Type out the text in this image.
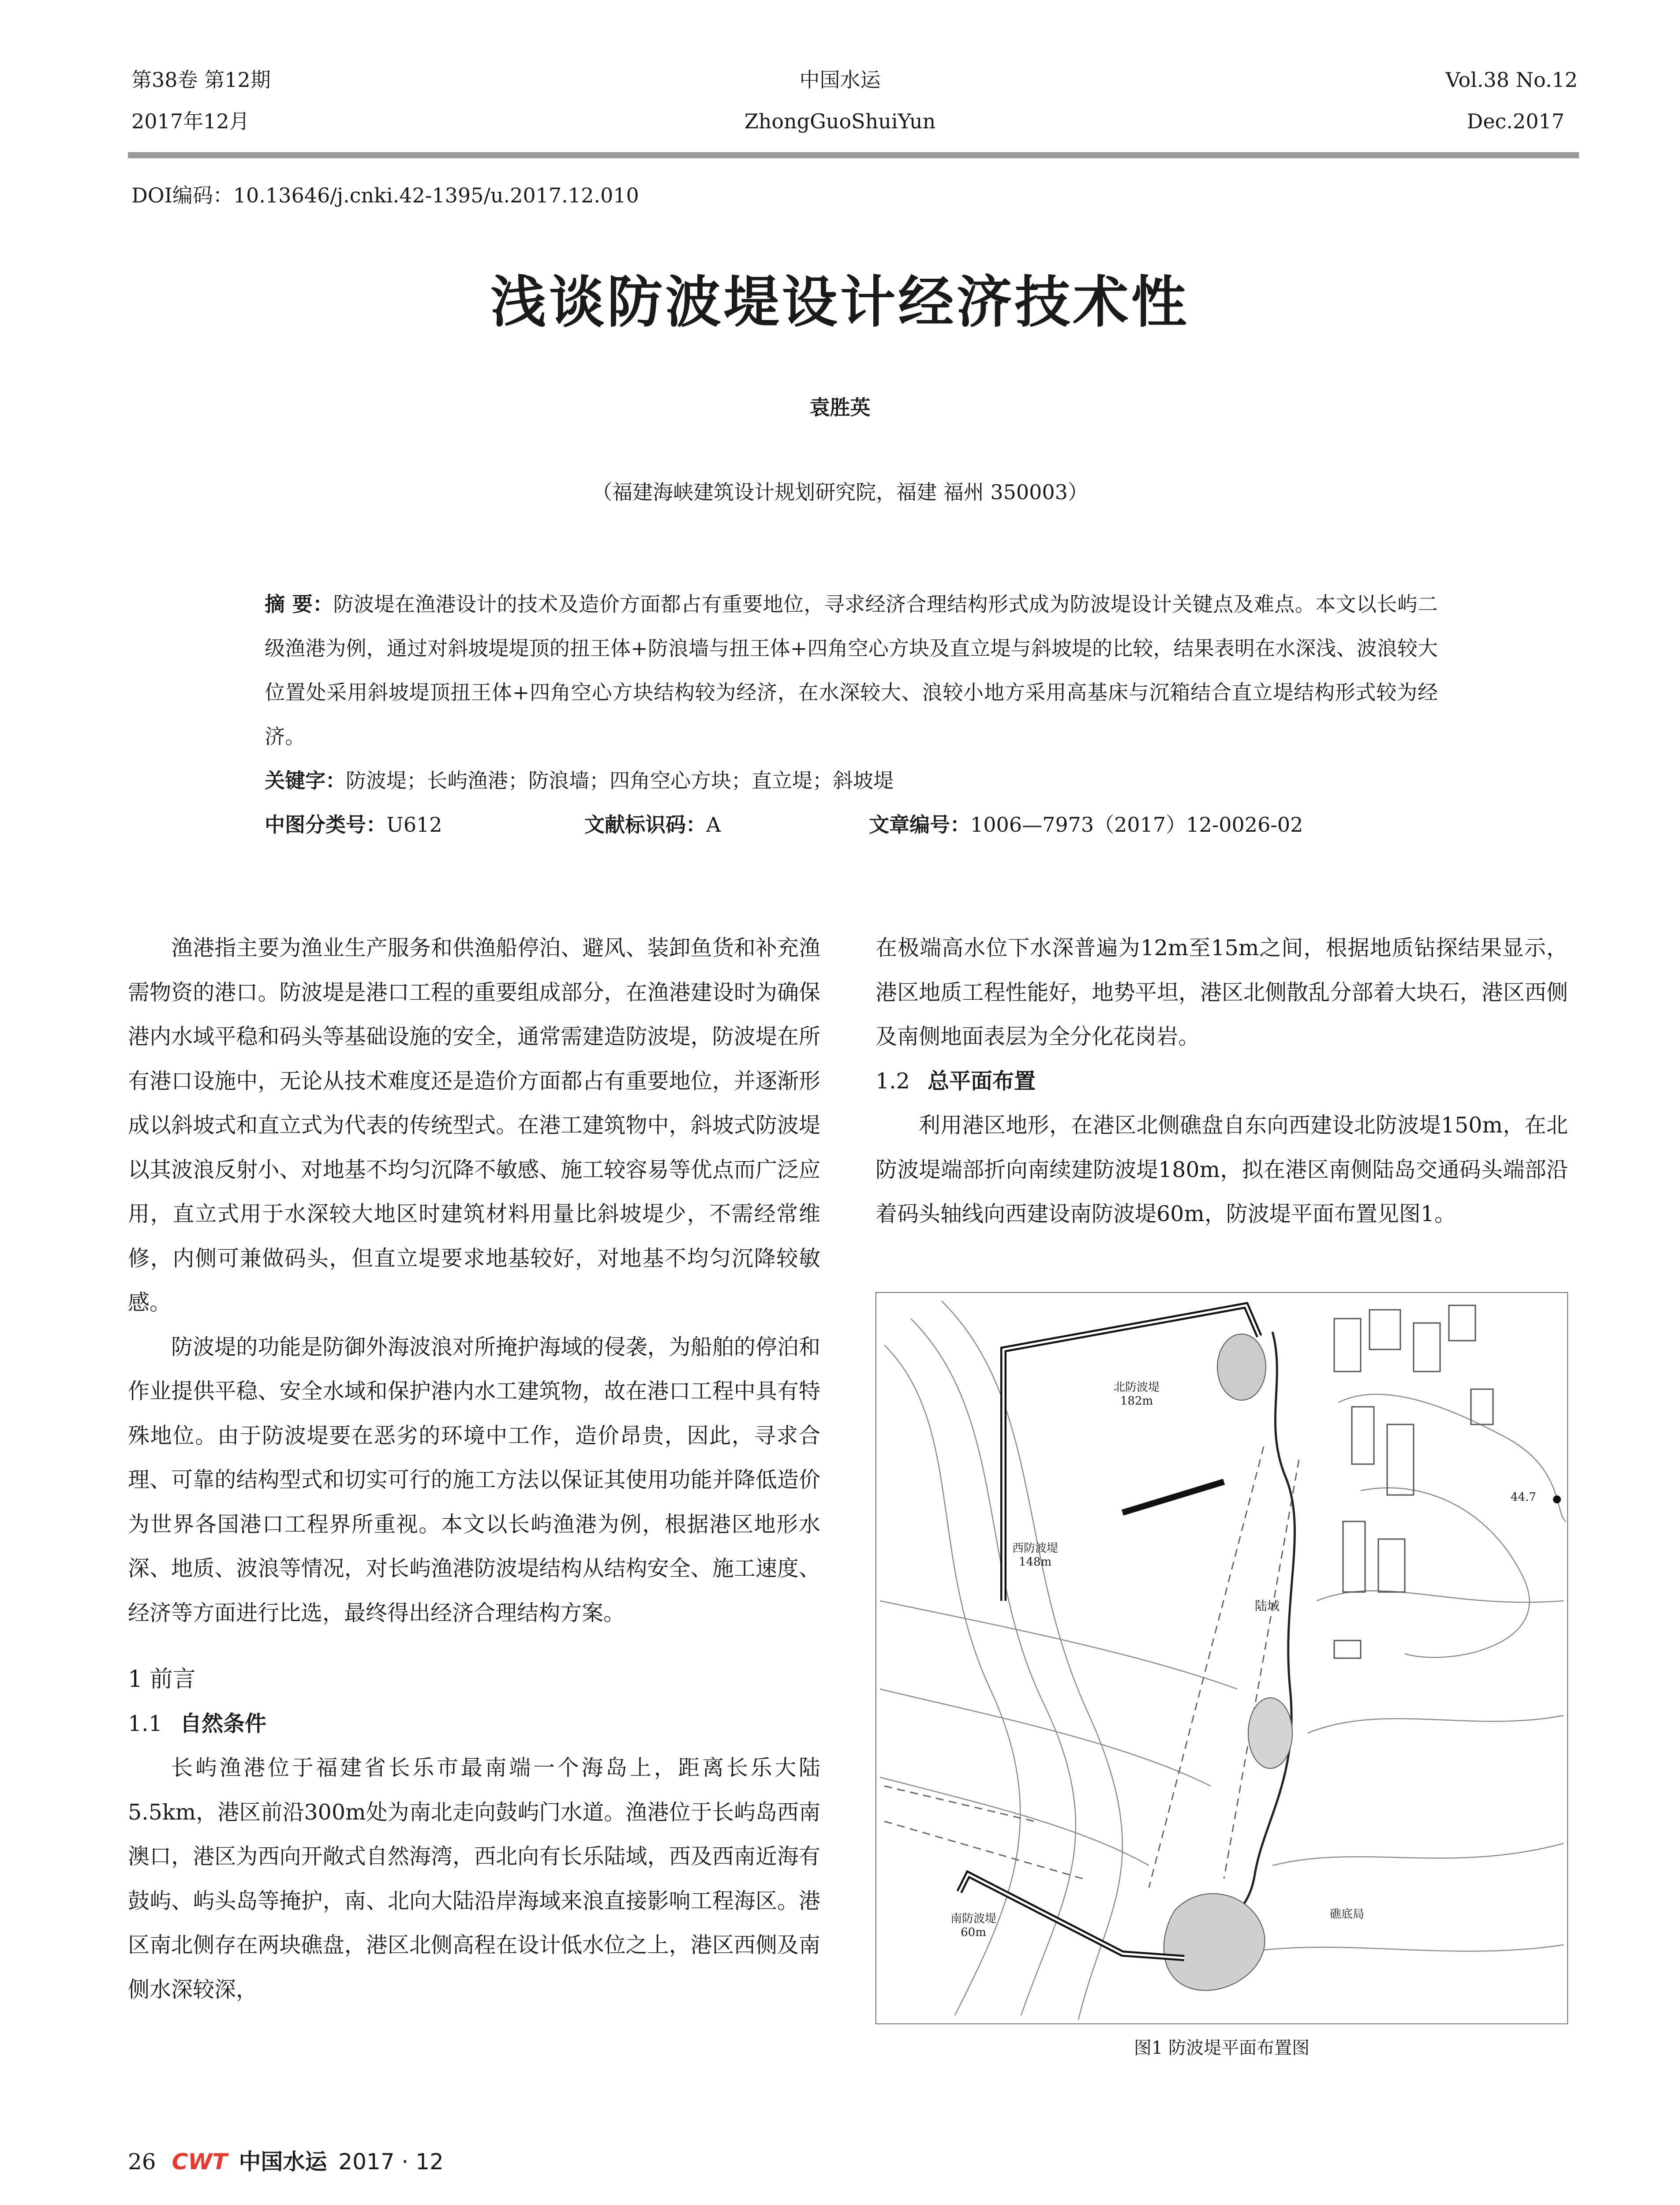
第38卷 第12期
2017年12月
中国水运
ZhongGuoShuiYun
Vol.38 No.12
Dec.2017
DOI编码：10.13646/j.cnki.42-1395/u.2017.12.010
浅谈防波堤设计经济技术性
袁胜英
（福建海峡建筑设计规划研究院，福建 福州 350003）

摘 要：防波堤在渔港设计的技术及造价方面都占有重要地位，寻求经济合理结构形式成为防波堤设计关键点及难点。本文以长屿二级渔港为例，通过对斜坡堤堤顶的扭王体+防浪墙与扭王体+四角空心方块及直立堤与斜坡堤的比较，结果表明在水深浅、波浪较大位置处采用斜坡堤顶扭王体+四角空心方块结构较为经济，在水深较大、浪较小地方采用高基床与沉箱结合直立堤结构形式较为经济。

关键字：防波堤；长屿渔港；防浪墙；四角空心方块；直立堤；斜坡堤

中图分类号：U612	文献标识码：A	文章编号：1006—7973（2017）12-0026-02

渔港指主要为渔业生产服务和供渔船停泊、避风、装卸鱼货和补充渔需物资的港口。防波堤是港口工程的重要组成部分，在渔港建设时为确保港内水域平稳和码头等基础设施的安全，通常需建造防波堤，防波堤在所有港口设施中，无论从技术难度还是造价方面都占有重要地位，并逐渐形成以斜坡式和直立式为代表的传统型式。在港工建筑物中，斜坡式防波堤以其波浪反射小、对地基不均匀沉降不敏感、施工较容易等优点而广泛应用，直立式用于水深较大地区时建筑材料用量比斜坡堤少，不需经常维修，内侧可兼做码头，但直立堤要求地基较好，对地基不均匀沉降较敏感。

防波堤的功能是防御外海波浪对所掩护海域的侵袭，为船舶的停泊和作业提供平稳、安全水域和保护港内水工建筑物，故在港口工程中具有特殊地位。由于防波堤要在恶劣的环境中工作，造价昂贵，因此，寻求合理、可靠的结构型式和切实可行的施工方法以保证其使用功能并降低造价为世界各国港口工程界所重视。本文以长屿渔港为例，根据港区地形水深、地质、波浪等情况，对长屿渔港防波堤结构从结构安全、施工速度、经济等方面进行比选，最终得出经济合理结构方案。

1 前言

1.1 自然条件

长屿渔港位于福建省长乐市最南端一个海岛上，距离长乐大陆5.5km，港区前沿300m处为南北走向鼓屿门水道。渔港位于长屿岛西南澳口，港区为西向开敞式自然海湾，西北向有长乐陆域，西及西南近海有鼓屿、屿头岛等掩护，南、北向大陆沿岸海域来浪直接影响工程海区。港区南北侧存在两块礁盘，港区北侧高程在设计低水位之上，港区西侧及南侧水深较深，

在极端高水位下水深普遍为12m至15m之间，根据地质钻探结果显示，港区地质工程性能好，地势平坦，港区北侧散乱分部着大块石，港区西侧及南侧地面表层为全分化花岗岩。

1.2 总平面布置

利用港区地形，在港区北侧礁盘自东向西建设北防波堤150m，在北防波堤端部折向南续建防波堤180m，拟在港区南侧陆岛交通码头端部沿着码头轴线向西建设南防波堤60m，防波堤平面布置见图1。

北防波堤
182m
西防波堤
148m
南防波堤
60m
陆域
礁底局
44.7
图1 防波堤平面布置图
26 CWT 中国水运 2017 · 12
